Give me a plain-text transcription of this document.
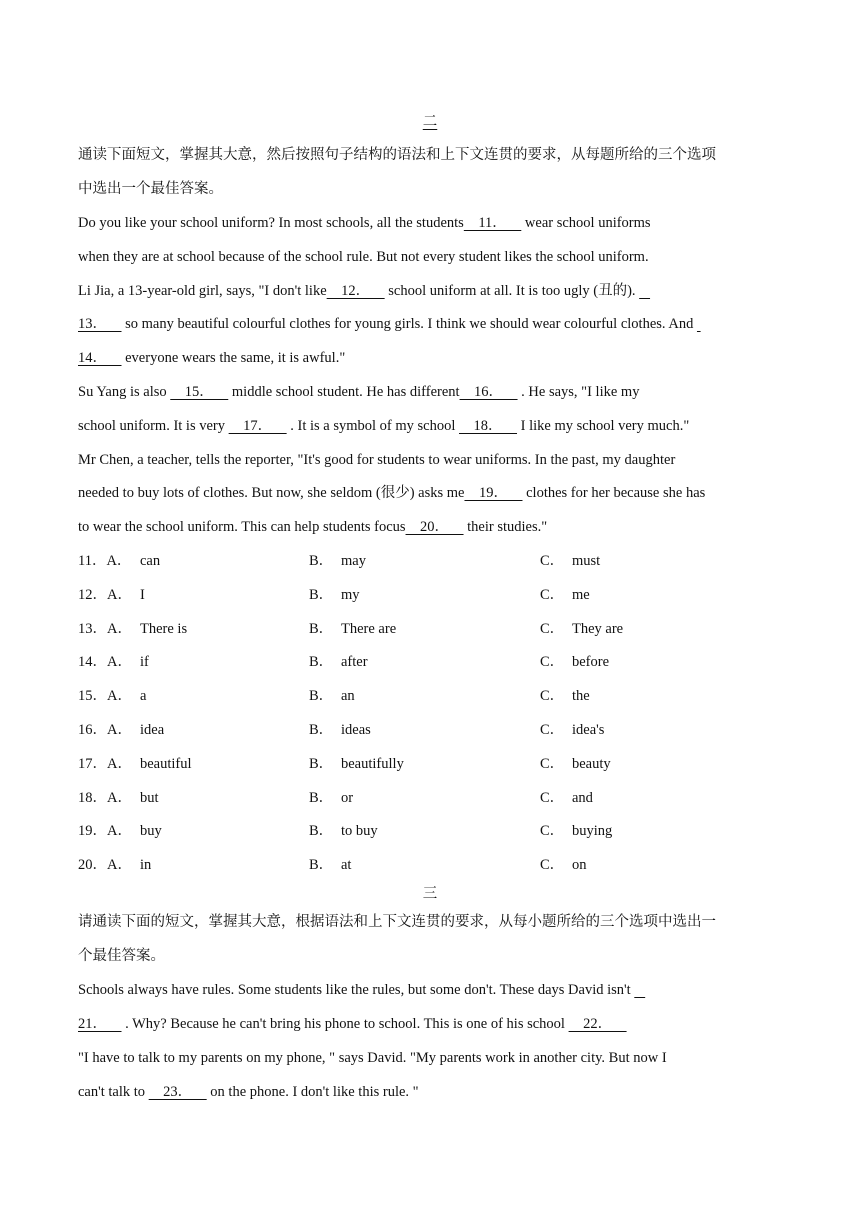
二
通读下面短文，掌握其大意，然后按照句子结构的语法和上下文连贯的要求，从每题所给的三个选项
中选出一个最佳答案。
Do you like your school uniform? In most schools, all the students    11．     wear school uniforms
when they are at school because of the school rule. But not every student likes the school uniform.
Li Jia, a 13-year-old girl, says, "I don't like    12．     school uniform at all. It is too ugly (丑的).
13．     so many beautiful colourful clothes for young girls. I think we should wear colourful clothes. And
14．     everyone wears the same, it is awful."
Su Yang is also     15．     middle school student. He has different    16．     . He says, "I like my
school uniform. It is very     17．     . It is a symbol of my school     18．     I like my school very much."
Mr Chen, a teacher, tells the reporter, "It's good for students to wear uniforms. In the past, my daughter
needed to buy lots of clothes. But now, she seldom (很少) asks me    19．     clothes for her because she has
to wear the school uniform. This can help students focus    20．     their studies."
11．A． can	B． may	C． must
12．A． I	B． my	C． me
13．A． There is	B． There are	C． They are
14．A． if	B． after	C． before
15．A． a	B． an	C． the
16．A． idea	B． ideas	C． idea's
17．A． beautiful	B． beautifully	C． beauty
18．A． but	B． or	C． and
19．A． buy	B． to buy	C． buying
20．A． in	B． at	C． on
三
请通读下面的短文，掌握其大意，根据语法和上下文连贯的要求，从每小题所给的三个选项中选出一
个最佳答案。
Schools always have rules. Some students like the rules, but some don't. These days David isn't
21．     . Why? Because he can't bring his phone to school. This is one of his school     22．
"I have to talk to my parents on my phone, " says David. "My parents work in another city. But now I
can't talk to     23．     on the phone. I don't like this rule. "
